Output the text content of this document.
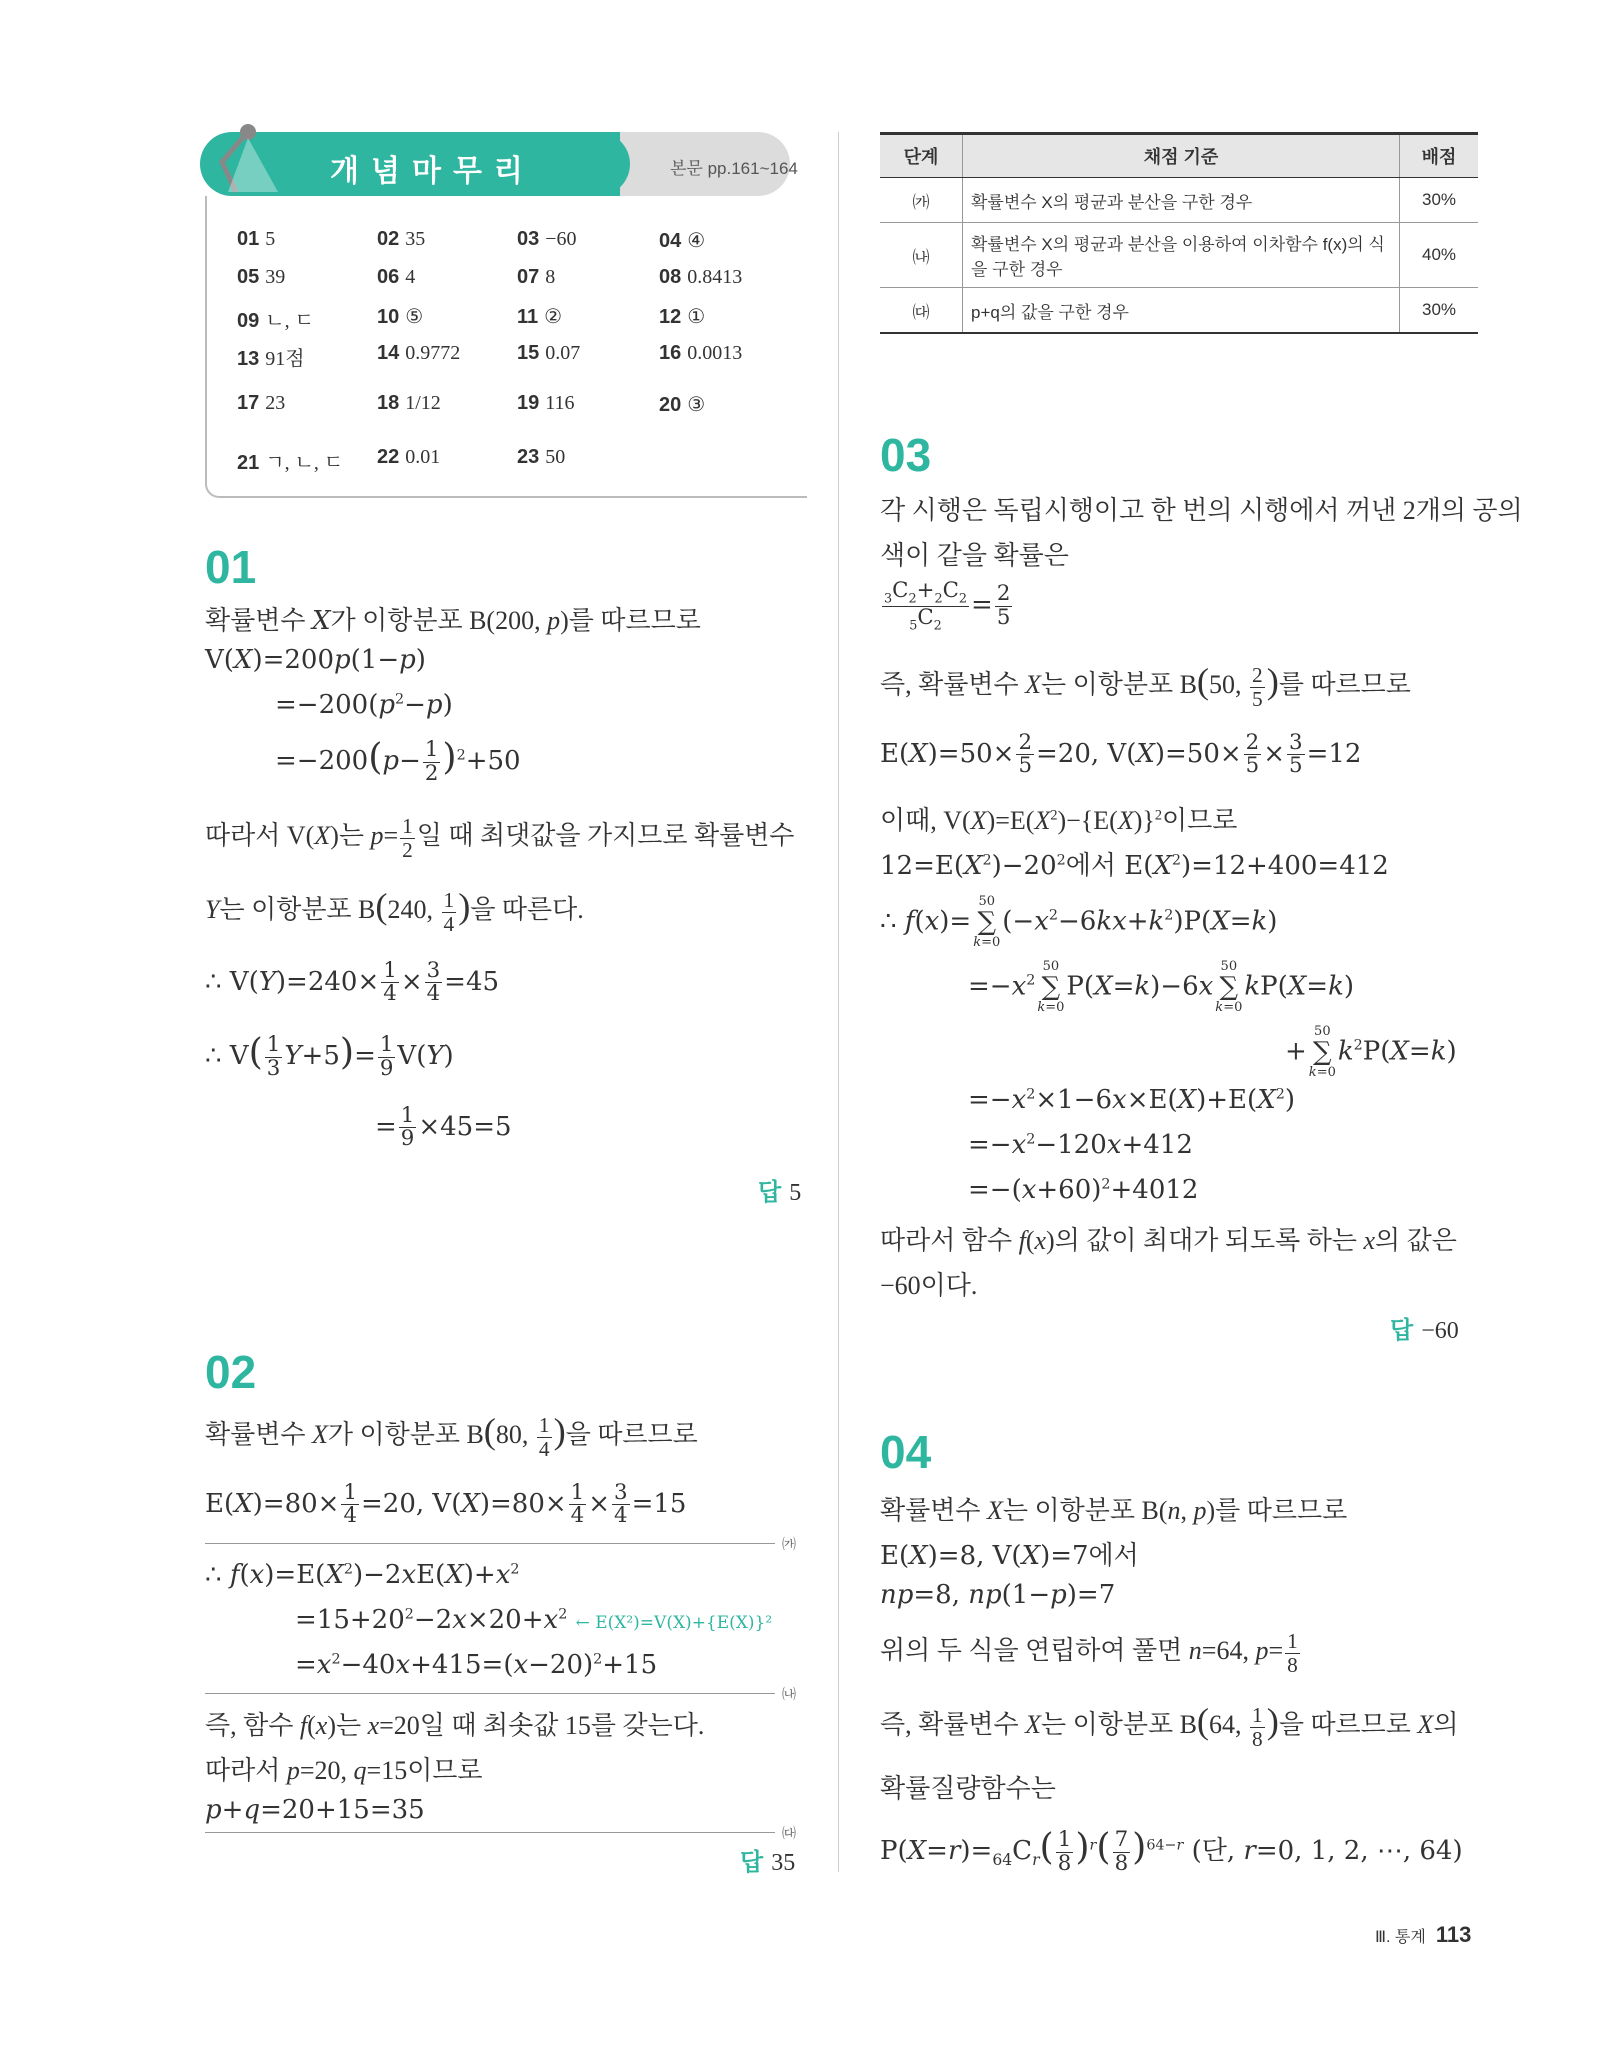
개념마무리	본문 pp.161~164
01 5	02 35	03 −60	04 ④
05 39	06 4	07 8	08 0.8413
09 ㄴ, ㄷ	10 ⑤	11 ②	12 ①
13 91점	14 0.9772	15 0.07	16 0.0013
17 23	18 1/12	19 116	20 ③
21 ㄱ, ㄴ, ㄷ 22 0.01	23 50
01
확률변수 X가 이항분포 B(200, p)를 따르므로
V(X)=200p(1−p)
$=-200(p^2-p)$
$=-200(p- \frac{1}{2} )^2+50$
따라서 V(X)는 $p= \frac{1}{2}$ 일 때 최댓값을 가지므로 확률변수
Y는 이항분포 B(240, $\frac{1}{4}$ )을 따른다.
∴ $V(Y)=240\times \frac{1}{4} \times \frac{3}{4} =45$
∴ $V( \frac{1}{3} Y+5)= \frac{1}{9} V(Y)$
= $\frac{1}{9} \times 45=5$
답 5
02
확률변수 X가 이항분포 B(80, $\frac{1}{4}$ )을 따르므로
$E(X)=80\times \frac{1}{4} =20$, $V(X)=80\times \frac{1}{4} \times \frac{3}{4} =15$
㈎
∴ $f(x)=E(X^2)-2xE(X)+x^2$
$=15+20^2-2x\times 20+x^2$ ← E(X²)=V(X)+{E(X)}²
$=x^2-40x+415=(x-20)^2+15$
㈏
즉, 함수 f(x)는 x=20일 때 최솟값 15를 갖는다.
따라서 p=20, q=15이므로
p+q=20+15=35
㈐
답 35
단계	채점 기준	배점
㈎	확률변수 X의 평균과 분산을 구한 경우	30%
㈏	확률변수 X의 평균과 분산을 이용하여 이차함수 f(x)의 식을 구한 경우	40%
㈐	p+q의 값을 구한 경우	30%
03
각 시행은 독립시행이고 한 번의 시행에서 꺼낸 2개의 공의
색이 같을 확률은
$\frac{_3C_2+_2C_2}{_5C_2} = \frac{2}{5}$
즉, 확률변수 X는 이항분포 B(50, $\frac{2}{5}$ )를 따르므로
$E(X)=50\times \frac{2}{5} =20$, $V(X)=50\times \frac{2}{5} \times \frac{3}{5} =12$
이때, $V(X)=E(X^2)-\{E(X)\}^2$이므로
$12=E(X^2)-20^2$에서 $E(X^2)=12+400=412$
∴ f(x)=
50
∑
k=0
$(-x^2-6kx+k^2)P(X=k)$
$=-x^2$
50
∑
k=0
P(X=k)−6x
50
∑
k=0
kP(X=k)
+
50
∑
k=0
$k^2P(X=k)$
$=-x^2\times 1-6x\times E(X)+E(X^2)$
$=-x^2-120x+412$
$=-(x+60)^2+4012$
따라서 함수 f(x)의 값이 최대가 되도록 하는 x의 값은
−60이다.
답 −60
04
확률변수 X는 이항분포 B(n, p)를 따르므로
E(X)=8, V(X)=7에서
np=8, np(1−p)=7
위의 두 식을 연립하여 풀면 n=64, $p= \frac{1}{8}$
즉, 확률변수 X는 이항분포 B(64, $\frac{1}{8}$ )을 따르므로 X의
확률질량함수는
$P(X=r)=_{64}C_r( \frac{1}{8} )^r( \frac{7}{8} )^{64-r}$ (단, r=0, 1, 2, ⋯, 64)
Ⅲ. 통계 113
